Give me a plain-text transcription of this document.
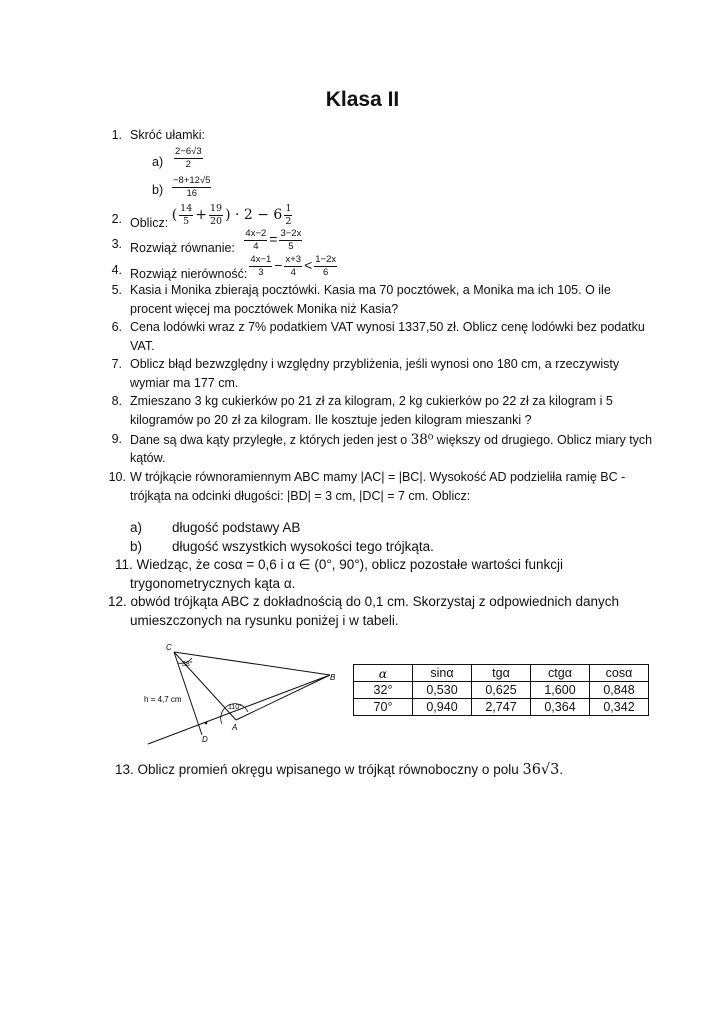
Klasa II
1. Skróć ułamki:
$a) \frac{2-6√3}{2}$
$b) \frac{-8+12√5}{16}$
2. Oblicz: ( $\frac{14}{5} + \frac{19}{20}$ ) · $2 - 6 \frac{1}{2}$
3. Rozwiąż równanie: $\frac{4x-2}{4} = \frac{3-2x}{5}$
4. Rozwiąż nierówność: $\frac{4x-1}{3} - \frac{x+3}{4} < \frac{1-2x}{6}$
5. Kasia i Monika zbierają pocztówki. Kasia ma 70 pocztówek, a Monika ma ich 105. O ile
procent więcej ma pocztówek Monika niż Kasia?
6. Cena lodówki wraz z 7% podatkiem VAT wynosi 1337,50 zł. Oblicz cenę lodówki bez podatku
VAT.
7. Oblicz błąd bezwzględny i względny przybliżenia, jeśli wynosi ono 180 cm, a rzeczywisty
wymiar ma 177 cm.
8. Zmieszano 3 kg cukierków po 21 zł za kilogram, 2 kg cukierków po 22 zł za kilogram i 5
kilogramów po 20 zł za kilogram. Ile kosztuje jeden kilogram mieszanki ?
9. Dane są dwa kąty przyległe, z których jeden jest o 38⁰ większy od drugiego. Oblicz miary tych
kątów.
10. W trójkącie równoramiennym ABC mamy |AC| = |BC|. Wysokość AD podzieliła ramię BC -
trójkąta na odcinki długości: |BD| = 3 cm, |DC| = 7 cm. Oblicz:
a) długość podstawy AB
b) długość wszystkich wysokości tego trójkąta.
11. Wiedząc, że cosα = 0,6 i α ∈ (0°, 90°), oblicz pozostałe wartości funkcji
trygonometrycznych kąta α.
12. obwód trójkąta ABC z dokładnością do 0,1 cm. Skorzystaj z odpowiednich danych
umieszczonych na rysunku poniżej i w tabeli.
C
B
A
D
38°
110°
h = 4,7 cm
α	sinα	tgα	ctgα	cosα
32°	0,530	0,625	1,600	0,848
70°	0,940	2,747	0,364	0,342
13. Oblicz promień okręgu wpisanego w trójkąt równoboczny o polu 36√3.
